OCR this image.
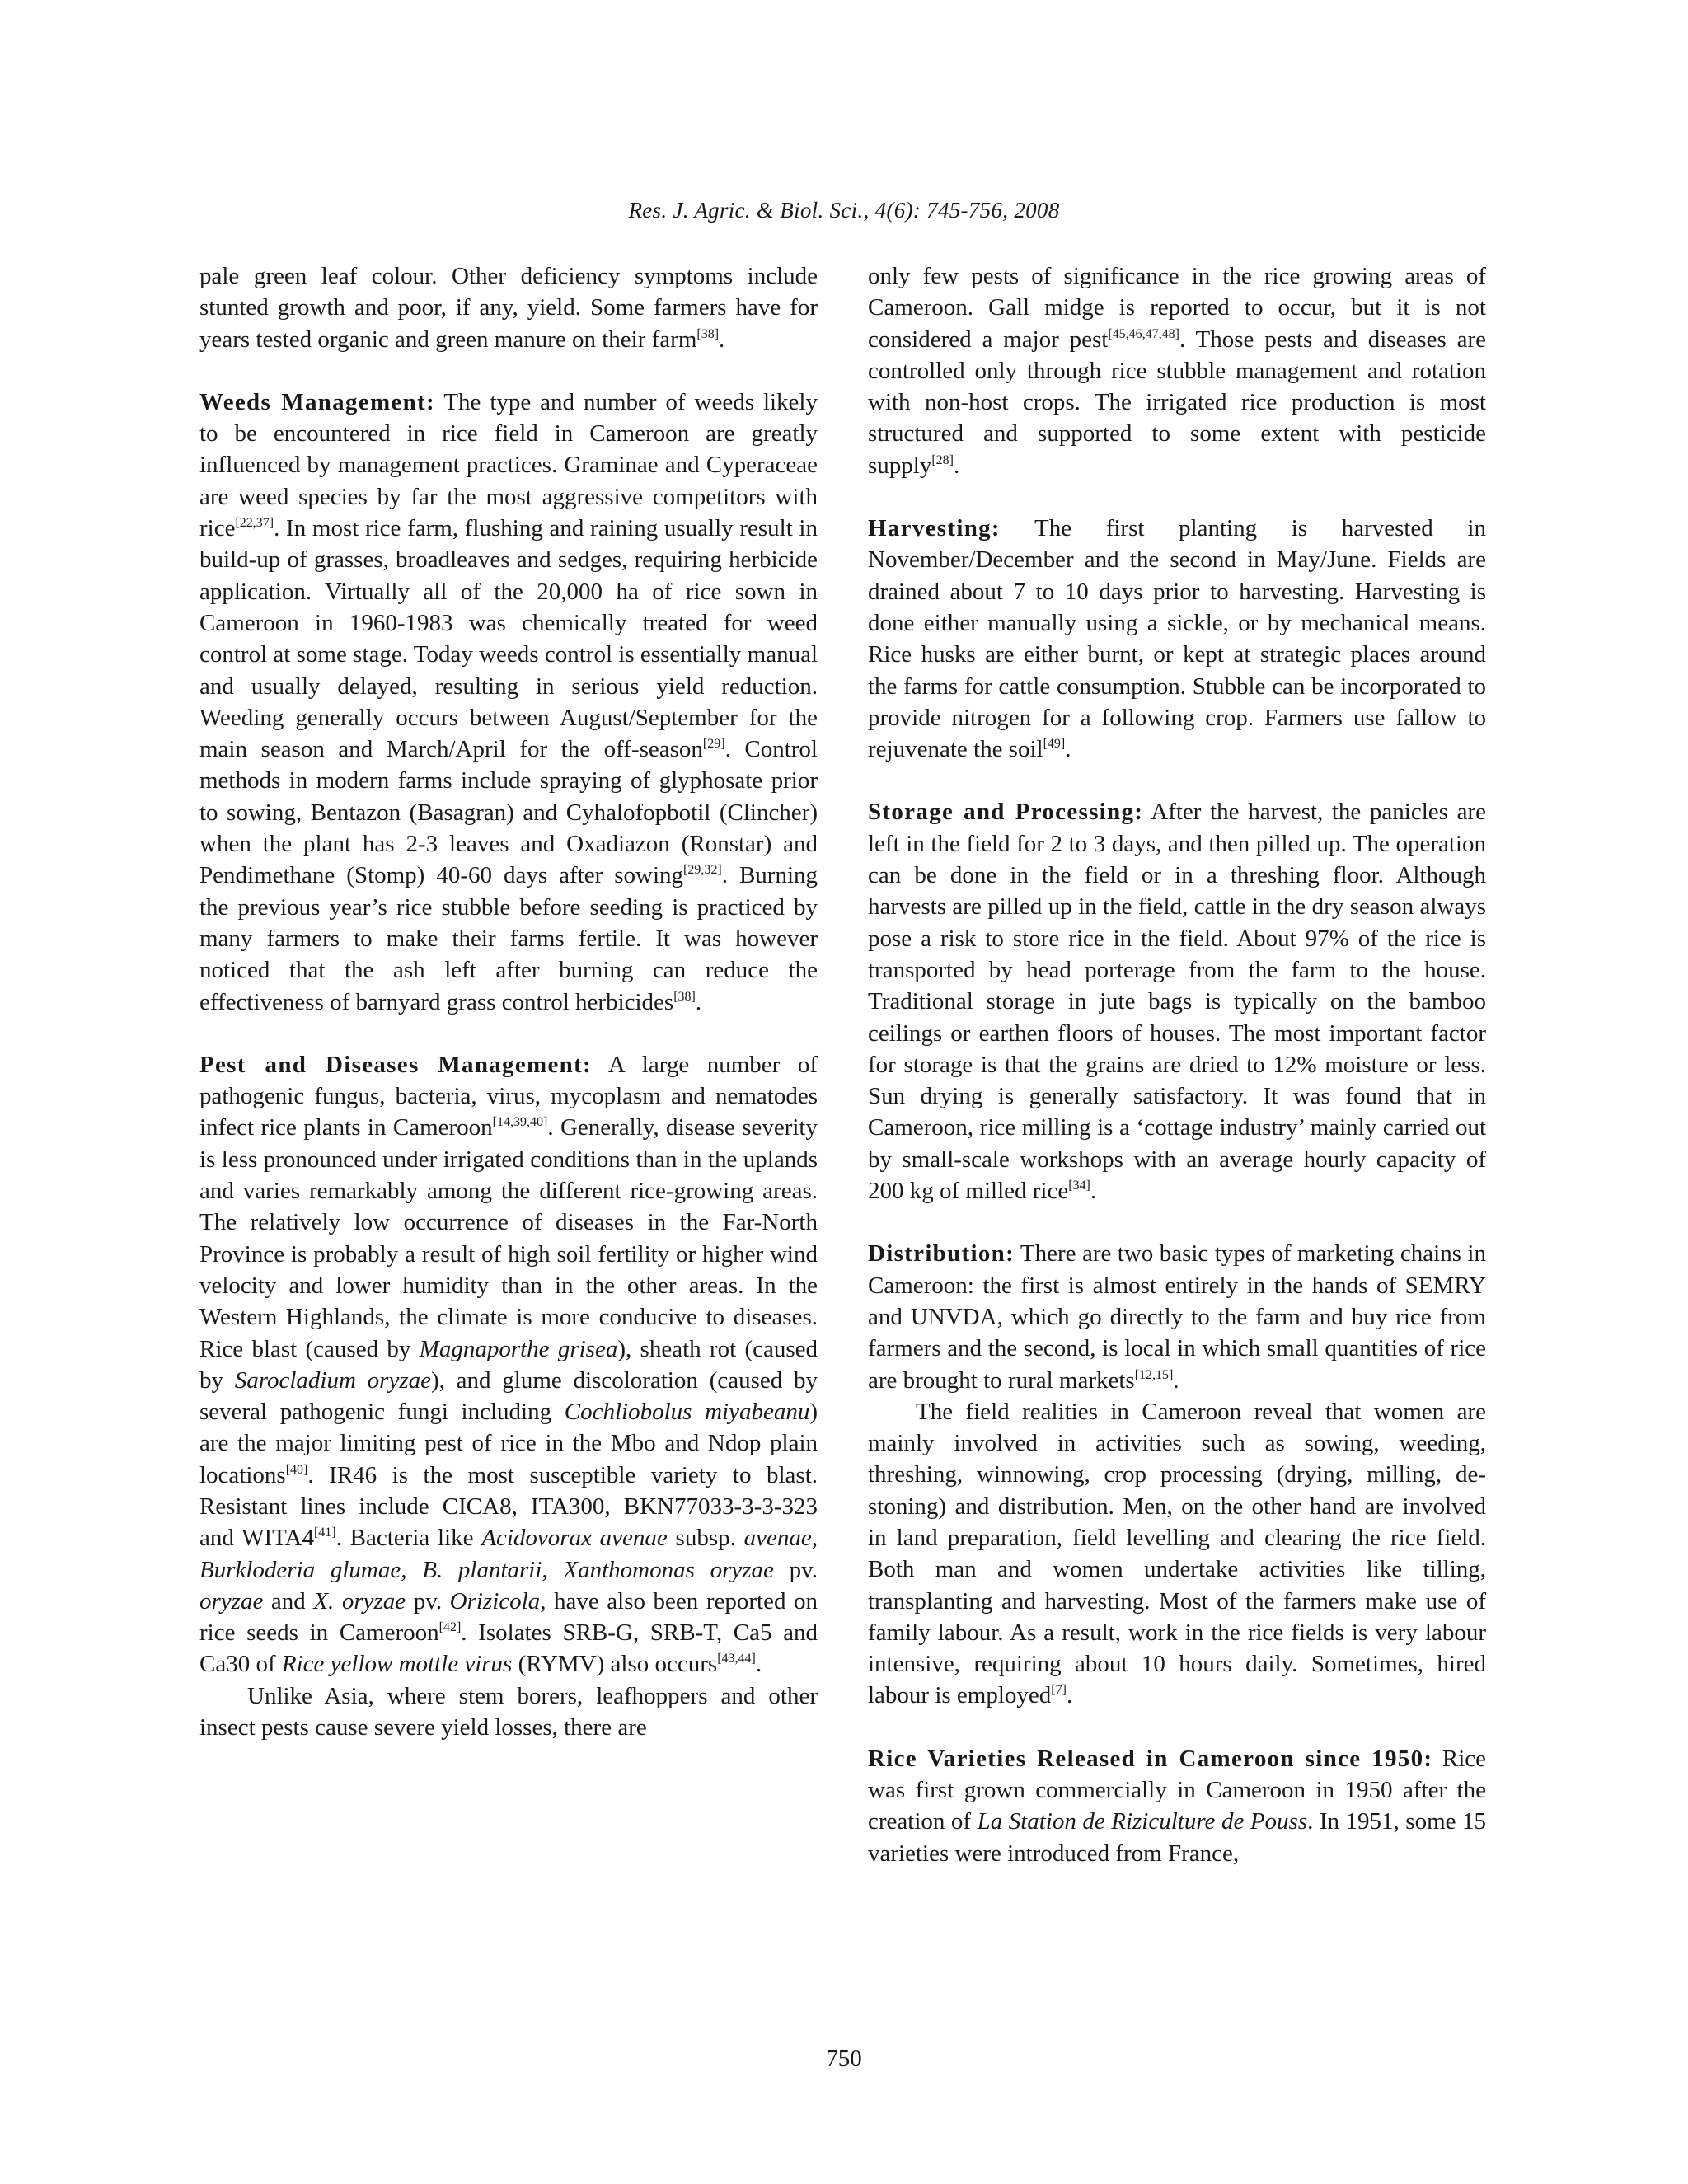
Res. J. Agric. & Biol. Sci., 4(6): 745-756, 2008

pale green leaf colour. Other deficiency symptoms include stunted growth and poor, if any, yield. Some farmers have for years tested organic and green manure on their farm[38].

Weeds Management: The type and number of weeds likely to be encountered in rice field in Cameroon are greatly influenced by management practices. Graminae and Cyperaceae are weed species by far the most aggressive competitors with rice[22,37]. In most rice farm, flushing and raining usually result in build-up of grasses, broadleaves and sedges, requiring herbicide application. Virtually all of the 20,000 ha of rice sown in Cameroon in 1960-1983 was chemically treated for weed control at some stage. Today weeds control is essentially manual and usually delayed, resulting in serious yield reduction. Weeding generally occurs between August/September for the main season and March/April for the off-season[29]. Control methods in modern farms include spraying of glyphosate prior to sowing, Bentazon (Basagran) and Cyhalofopbotil (Clincher) when the plant has 2-3 leaves and Oxadiazon (Ronstar) and Pendimethane (Stomp) 40-60 days after sowing[29,32]. Burning the previous year’s rice stubble before seeding is practiced by many farmers to make their farms fertile. It was however noticed that the ash left after burning can reduce the effectiveness of barnyard grass control herbicides[38].

Pest and Diseases Management: A large number of pathogenic fungus, bacteria, virus, mycoplasm and nematodes infect rice plants in Cameroon[14,39,40]. Generally, disease severity is less pronounced under irrigated conditions than in the uplands and varies remarkably among the different rice-growing areas. The relatively low occurrence of diseases in the Far-North Province is probably a result of high soil fertility or higher wind velocity and lower humidity than in the other areas. In the Western Highlands, the climate is more conducive to diseases. Rice blast (caused by Magnaporthe grisea), sheath rot (caused by Sarocladium oryzae), and glume discoloration (caused by several pathogenic fungi including Cochliobolus miyabeanu) are the major limiting pest of rice in the Mbo and Ndop plain locations[40]. IR46 is the most susceptible variety to blast. Resistant lines include CICA8, ITA300, BKN77033-3-3-323 and WITA4[41]. Bacteria like Acidovorax avenae subsp. avenae, Burkloderia glumae, B. plantarii, Xanthomonas oryzae pv. oryzae and X. oryzae pv. Orizicola, have also been reported on rice seeds in Cameroon[42]. Isolates SRB-G, SRB-T, Ca5 and Ca30 of Rice yellow mottle virus (RYMV) also occurs[43,44].

Unlike Asia, where stem borers, leafhoppers and other insect pests cause severe yield losses, there are

only few pests of significance in the rice growing areas of Cameroon. Gall midge is reported to occur, but it is not considered a major pest[45,46,47,48]. Those pests and diseases are controlled only through rice stubble management and rotation with non-host crops. The irrigated rice production is most structured and supported to some extent with pesticide supply[28].

Harvesting: The first planting is harvested in November/December and the second in May/June. Fields are drained about 7 to 10 days prior to harvesting. Harvesting is done either manually using a sickle, or by mechanical means. Rice husks are either burnt, or kept at strategic places around the farms for cattle consumption. Stubble can be incorporated to provide nitrogen for a following crop. Farmers use fallow to rejuvenate the soil[49].

Storage and Processing: After the harvest, the panicles are left in the field for 2 to 3 days, and then pilled up. The operation can be done in the field or in a threshing floor. Although harvests are pilled up in the field, cattle in the dry season always pose a risk to store rice in the field. About 97% of the rice is transported by head porterage from the farm to the house. Traditional storage in jute bags is typically on the bamboo ceilings or earthen floors of houses. The most important factor for storage is that the grains are dried to 12% moisture or less. Sun drying is generally satisfactory. It was found that in Cameroon, rice milling is a ‘cottage industry’ mainly carried out by small-scale workshops with an average hourly capacity of 200 kg of milled rice[34].

Distribution: There are two basic types of marketing chains in Cameroon: the first is almost entirely in the hands of SEMRY and UNVDA, which go directly to the farm and buy rice from farmers and the second, is local in which small quantities of rice are brought to rural markets[12,15].

The field realities in Cameroon reveal that women are mainly involved in activities such as sowing, weeding, threshing, winnowing, crop processing (drying, milling, de-stoning) and distribution. Men, on the other hand are involved in land preparation, field levelling and clearing the rice field. Both man and women undertake activities like tilling, transplanting and harvesting. Most of the farmers make use of family labour. As a result, work in the rice fields is very labour intensive, requiring about 10 hours daily. Sometimes, hired labour is employed[7].

Rice Varieties Released in Cameroon since 1950: Rice was first grown commercially in Cameroon in 1950 after the creation of La Station de Riziculture de Pouss. In 1951, some 15 varieties were introduced from France,

750
